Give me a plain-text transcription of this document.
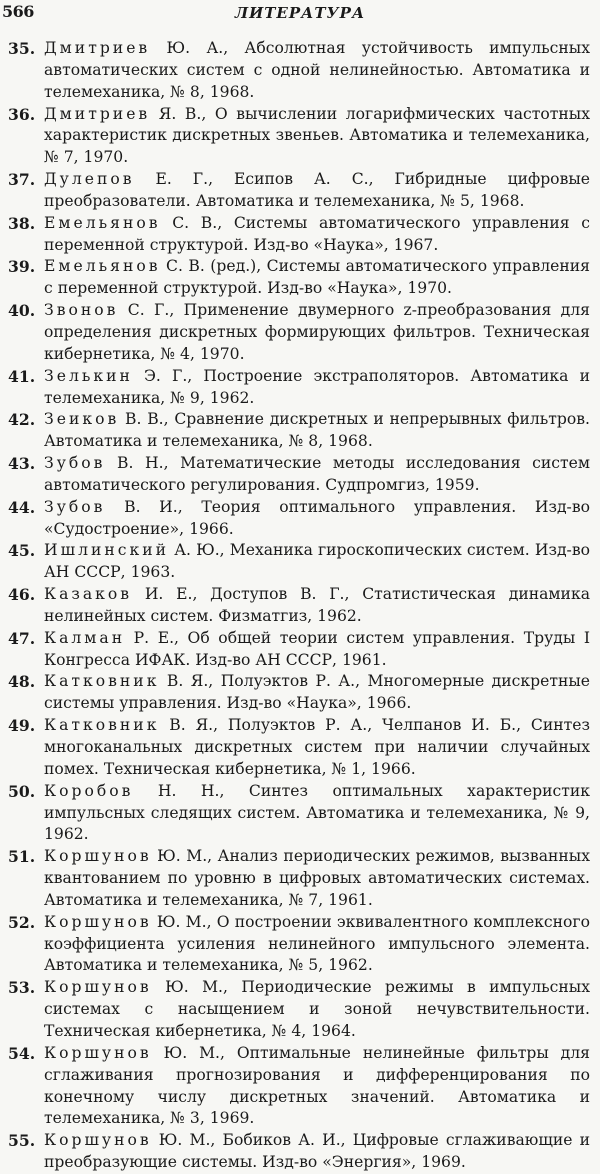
566	ЛИТЕРАТУРА
35. Дмитриев Ю. А., Абсолютная устойчивость импульсных автоматических систем с одной нелинейностью. Автоматика и телемеханика, № 8, 1968.
36. Дмитриев Я. В., О вычислении логарифмических частотных характеристик дискретных звеньев. Автоматика и телемеханика, № 7, 1970.
37. Дулепов Е. Г., Есипов А. С., Гибридные цифровые преобразователи. Автоматика и телемеханика, № 5, 1968.
38. Емельянов С. В., Системы автоматического управления с переменной структурой. Изд-во «Наука», 1967.
39. Емельянов С. В. (ред.), Системы автоматического управления с переменной структурой. Изд-во «Наука», 1970.
40. Звонов С. Г., Применение двумерного z-преобразования для определения дискретных формирующих фильтров. Техническая кибернетика, № 4, 1970.
41. Зелькин Э. Г., Построение экстраполяторов. Автоматика и телемеханика, № 9, 1962.
42. Зеиков В. В., Сравнение дискретных и непрерывных фильтров. Автоматика и телемеханика, № 8, 1968.
43. Зубов В. Н., Математические методы исследования систем автоматического регулирования. Судпромгиз, 1959.
44. Зубов В. И., Теория оптимального управления. Изд-во «Судостроение», 1966.
45. Ишлинский А. Ю., Механика гироскопических систем. Изд-во АН СССР, 1963.
46. Казаков И. Е., Доступов В. Г., Статистическая динамика нелинейных систем. Физматгиз, 1962.
47. Калман Р. Е., Об общей теории систем управления. Труды I Конгресса ИФАК. Изд-во АН СССР, 1961.
48. Катковник В. Я., Полуэктов Р. А., Многомерные дискретные системы управления. Изд-во «Наука», 1966.
49. Катковник В. Я., Полуэктов Р. А., Челпанов И. Б., Синтез многоканальных дискретных систем при наличии случайных помех. Техническая кибернетика, № 1, 1966.
50. Коробов Н. Н., Синтез оптимальных характеристик импульсных следящих систем. Автоматика и телемеханика, № 9, 1962.
51. Коршунов Ю. М., Анализ периодических режимов, вызванных квантованием по уровню в цифровых автоматических системах. Автоматика и телемеханика, № 7, 1961.
52. Коршунов Ю. М., О построении эквивалентного комплексного коэффициента усиления нелинейного импульсного элемента. Автоматика и телемеханика, № 5, 1962.
53. Коршунов Ю. М., Периодические режимы в импульсных системах с насыщением и зоной нечувствительности. Техническая кибернетика, № 4, 1964.
54. Коршунов Ю. М., Оптимальные нелинейные фильтры для сглаживания прогнозирования и дифференцирования по конечному числу дискретных значений. Автоматика и телемеханика, № 3, 1969.
55. Коршунов Ю. М., Бобиков А. И., Цифровые сглаживающие и преобразующие системы. Изд-во «Энергия», 1969.
